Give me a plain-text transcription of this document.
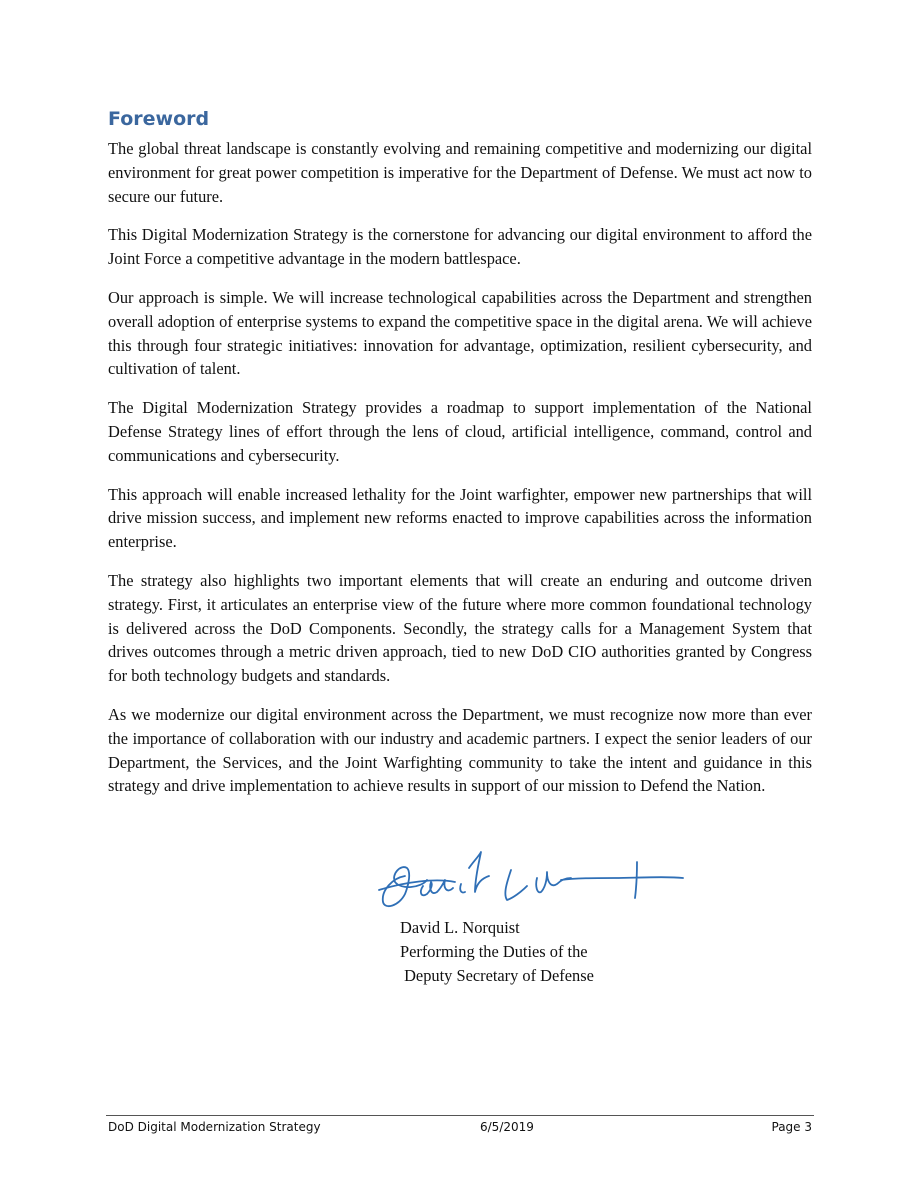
Foreword

The global threat landscape is constantly evolving and remaining competitive and modernizing our digital environment for great power competition is imperative for the Department of Defense. We must act now to secure our future.

This Digital Modernization Strategy is the cornerstone for advancing our digital environment to afford the Joint Force a competitive advantage in the modern battlespace.

Our approach is simple. We will increase technological capabilities across the Department and strengthen overall adoption of enterprise systems to expand the competitive space in the digital arena. We will achieve this through four strategic initiatives: innovation for advantage, optimization, resilient cybersecurity, and cultivation of talent.

The Digital Modernization Strategy provides a roadmap to support implementation of the National Defense Strategy lines of effort through the lens of cloud, artificial intelligence, command, control and communications and cybersecurity.

This approach will enable increased lethality for the Joint warfighter, empower new partnerships that will drive mission success, and implement new reforms enacted to improve capabilities across the information enterprise.

The strategy also highlights two important elements that will create an enduring and outcome driven strategy. First, it articulates an enterprise view of the future where more common foundational technology is delivered across the DoD Components. Secondly, the strategy calls for a Management System that drives outcomes through a metric driven approach, tied to new DoD CIO authorities granted by Congress for both technology budgets and standards.

As we modernize our digital environment across the Department, we must recognize now more than ever the importance of collaboration with our industry and academic partners. I expect the senior leaders of our Department, the Services, and the Joint Warfighting community to take the intent and guidance in this strategy and drive implementation to achieve results in support of our mission to Defend the Nation.

David L. Norquist
Performing the Duties of the
Deputy Secretary of Defense
DoD Digital Modernization Strategy	6/5/2019	Page 3
